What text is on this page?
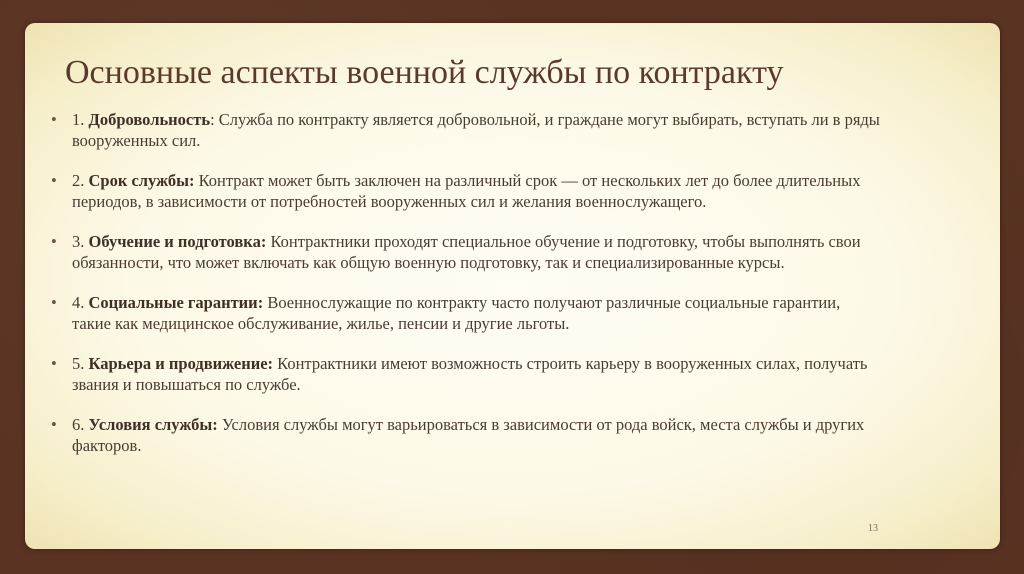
Основные аспекты военной службы по контракту
• 1. Добровольность: Служба по контракту является добровольной, и граждане могут выбирать, вступать ли в ряды вооруженных сил.
• 2. Срок службы: Контракт может быть заключен на различный срок — от нескольких лет до более длительных периодов, в зависимости от потребностей вооруженных сил и желания военнослужащего.
• 3. Обучение и подготовка: Контрактники проходят специальное обучение и подготовку, чтобы выполнять свои обязанности, что может включать как общую военную подготовку, так и специализированные курсы.
• 4. Социальные гарантии: Военнослужащие по контракту часто получают различные социальные гарантии, такие как медицинское обслуживание, жилье, пенсии и другие льготы.
• 5. Карьера и продвижение: Контрактники имеют возможность строить карьеру в вооруженных силах, получать звания и повышаться по службе.
• 6. Условия службы: Условия службы могут варьироваться в зависимости от рода войск, места службы и других факторов.
13
